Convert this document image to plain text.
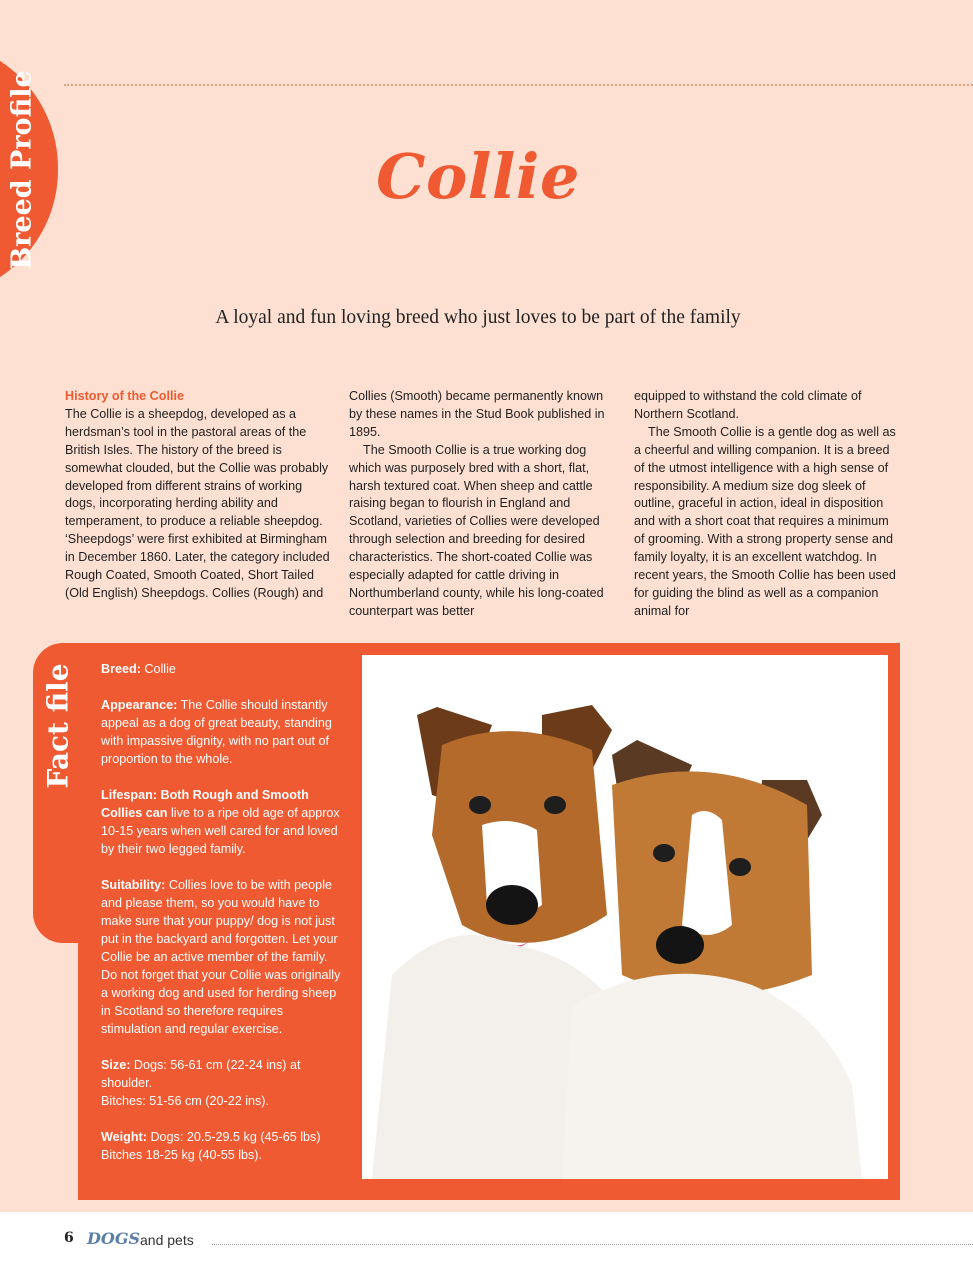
Breed Profile	Collie
A loyal and fun loving breed who just loves to be part of the family
History of the Collie

The Collie is a sheepdog, developed as a herdsman’s tool in the pastoral areas of the British Isles. The history of the breed is somewhat clouded, but the Collie was probably developed from different strains of working dogs, incorporating herding ability and temperament, to produce a reliable sheepdog. ‘Sheepdogs’ were first exhibited at Birmingham in December 1860. Later, the category included Rough Coated, Smooth Coated, Short Tailed (Old English) Sheepdogs. Collies (Rough) and

Collies (Smooth) became permanently known by these names in the Stud Book published in 1895.

The Smooth Collie is a true working dog which was purposely bred with a short, flat, harsh textured coat. When sheep and cattle raising began to flourish in England and Scotland, varieties of Collies were developed through selection and breeding for desired characteristics. The short-coated Collie was especially adapted for cattle driving in Northumberland county, while his long-coated counterpart was better

equipped to withstand the cold climate of Northern Scotland.

The Smooth Collie is a gentle dog as well as a cheerful and willing companion. It is a breed of the utmost intelligence with a high sense of responsibility. A medium size dog sleek of outline, graceful in action, ideal in disposition and with a short coat that requires a minimum of grooming. With a strong property sense and family loyalty, it is an excellent watchdog. In recent years, the Smooth Collie has been used for guiding the blind as well as a companion animal for

Fact file Breed: Collie

Appearance: The Collie should instantly appeal as a dog of great beauty, standing with impassive dignity, with no part out of proportion to the whole.

Lifespan: Both Rough and Smooth Collies can live to a ripe old age of approx 10-15 years when well cared for and loved by their two legged family.

Suitability: Collies love to be with people and please them, so you would have to make sure that your puppy/ dog is not just put in the backyard and forgotten. Let your Collie be an active member of the family. Do not forget that your Collie was originally a working dog and used for herding sheep in Scotland so therefore requires stimulation and regular exercise.

Size: Dogs: 56-61 cm (22-24 ins) at shoulder.
Bitches: 51-56 cm (20-22 ins).

Weight: Dogs: 20.5-29.5 kg (45-65 lbs)
Bitches 18-25 kg (40-55 lbs).

6 DOGS and pets
